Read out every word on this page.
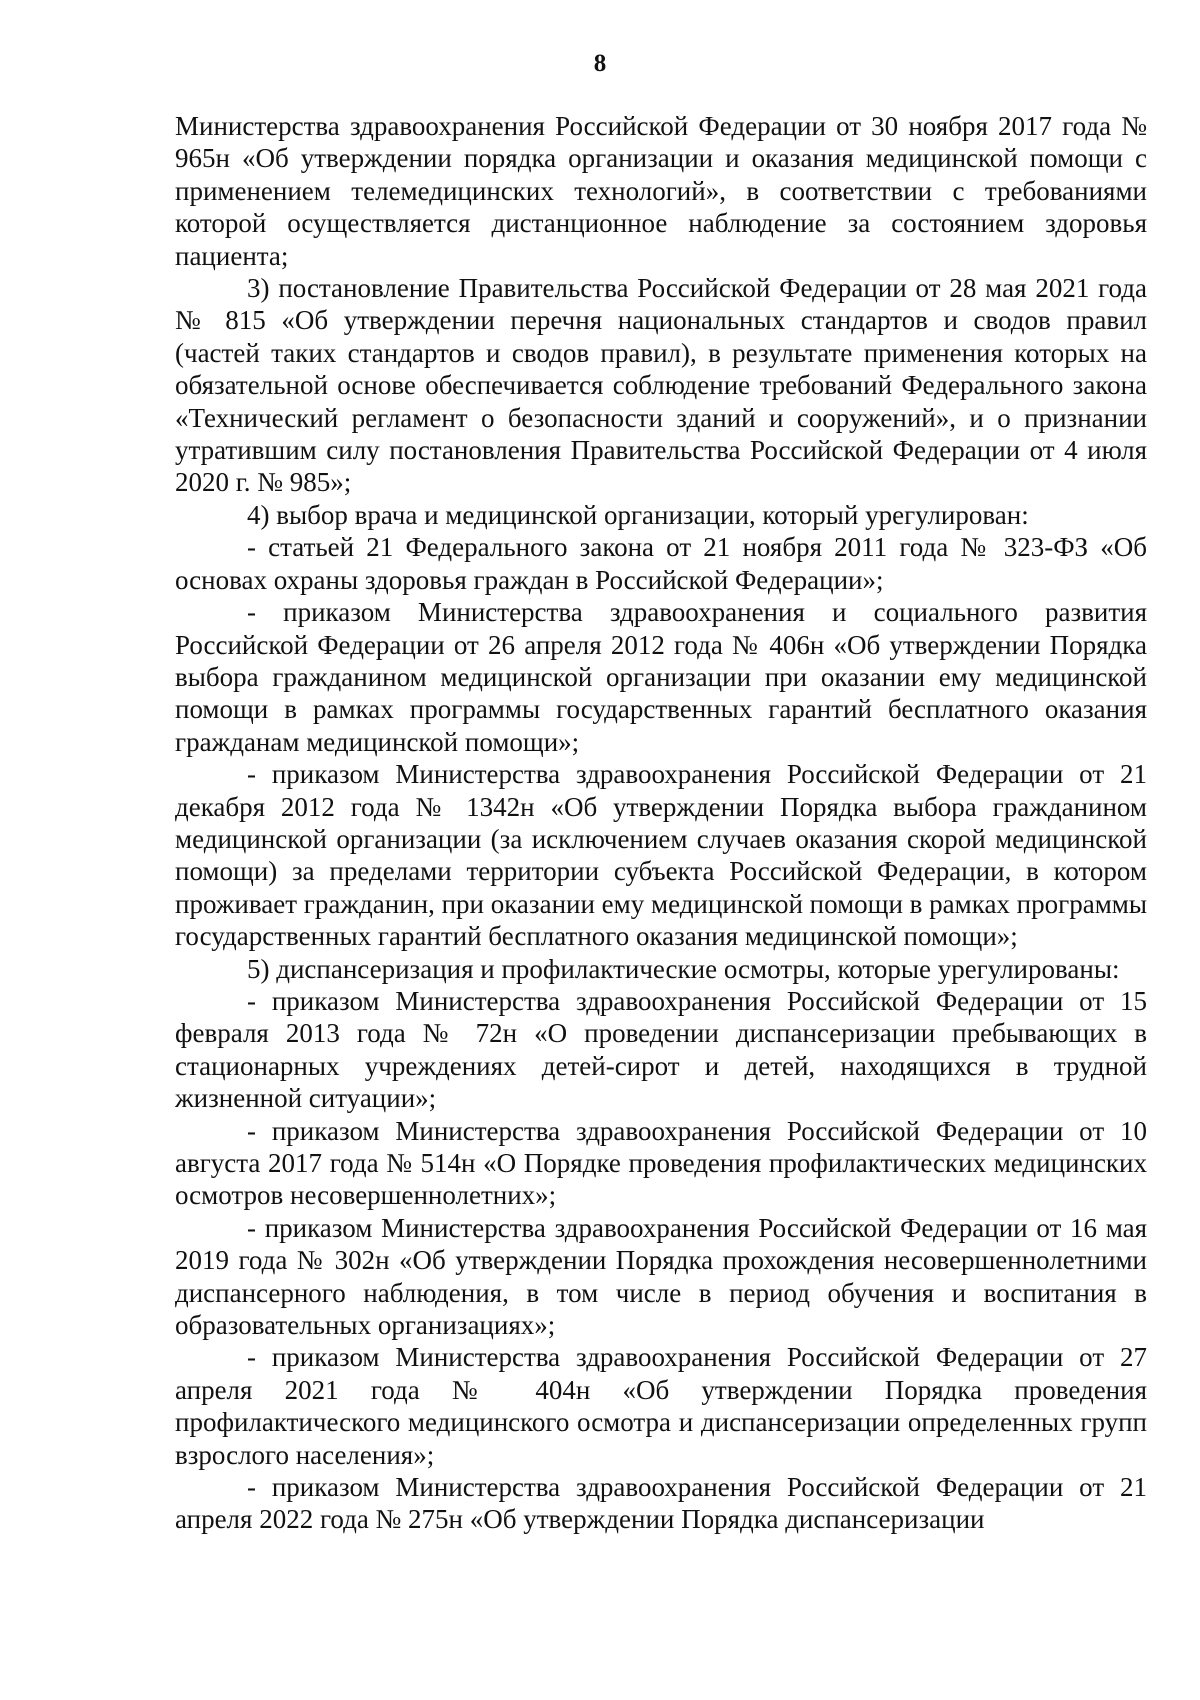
8

Министерства здравоохранения Российской Федерации от 30 ноября 2017 года № 965н «Об утверждении порядка организации и оказания медицинской помощи с применением телемедицинских технологий», в соответствии с требованиями которой осуществляется дистанционное наблюдение за состоянием здоровья пациента;

3) постановление Правительства Российской Федерации от 28 мая 2021 года № 815 «Об утверждении перечня национальных стандартов и сводов правил (частей таких стандартов и сводов правил), в результате применения которых на обязательной основе обеспечивается соблюдение требований Федерального закона «Технический регламент о безопасности зданий и сооружений», и о признании утратившим силу постановления Правительства Российской Федерации от 4 июля 2020 г. № 985»;

4) выбор врача и медицинской организации, который урегулирован:

- статьей 21 Федерального закона от 21 ноября 2011 года № 323-ФЗ «Об основах охраны здоровья граждан в Российской Федерации»;

- приказом Министерства здравоохранения и социального развития Российской Федерации от 26 апреля 2012 года № 406н «Об утверждении Порядка выбора гражданином медицинской организации при оказании ему медицинской помощи в рамках программы государственных гарантий бесплатного оказания гражданам медицинской помощи»;

- приказом Министерства здравоохранения Российской Федерации от 21 декабря 2012 года № 1342н «Об утверждении Порядка выбора гражданином медицинской организации (за исключением случаев оказания скорой медицинской помощи) за пределами территории субъекта Российской Федерации, в котором проживает гражданин, при оказании ему медицинской помощи в рамках программы государственных гарантий бесплатного оказания медицинской помощи»;

5) диспансеризация и профилактические осмотры, которые урегулированы:

- приказом Министерства здравоохранения Российской Федерации от 15 февраля 2013 года № 72н «О проведении диспансеризации пребывающих в стационарных учреждениях детей-сирот и детей, находящихся в трудной жизненной ситуации»;

- приказом Министерства здравоохранения Российской Федерации от 10 августа 2017 года № 514н «О Порядке проведения профилактических медицинских осмотров несовершеннолетних»;

- приказом Министерства здравоохранения Российской Федерации от 16 мая 2019 года № 302н «Об утверждении Порядка прохождения несовершеннолетними диспансерного наблюдения, в том числе в период обучения и воспитания в образовательных организациях»;

- приказом Министерства здравоохранения Российской Федерации от 27 апреля 2021 года № 404н «Об утверждении Порядка проведения профилактического медицинского осмотра и диспансеризации определенных групп взрослого населения»;

- приказом Министерства здравоохранения Российской Федерации от 21 апреля 2022 года № 275н «Об утверждении Порядка диспансеризации
